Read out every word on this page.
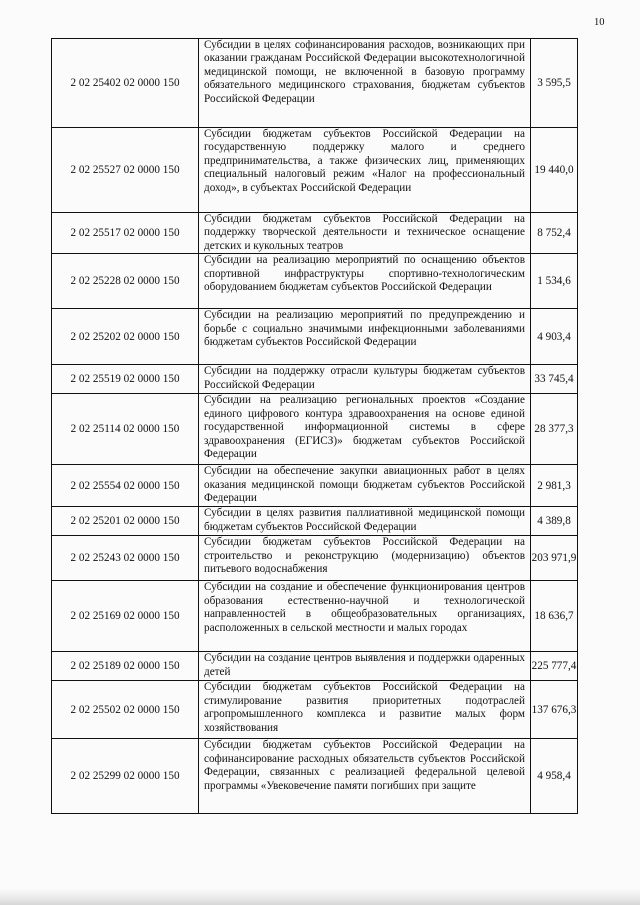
10
2 02 25402 02 0000 150	Субсидии в целях софинансирования расходов, возникающих при оказании гражданам Российской Федерации высокотехнологичной медицинской помощи, не включенной в базовую программу обязательного медицинского страхования, бюджетам субъектов Российской Федерации	3 595,5
2 02 25527 02 0000 150	Субсидии бюджетам субъектов Российской Федерации на государственную поддержку малого и среднего предпринимательства, а также физических лиц, применяющих специальный налоговый режим «Налог на профессиональный доход», в субъектах Российской Федерации	19 440,0
2 02 25517 02 0000 150	Субсидии бюджетам субъектов Российской Федерации на поддержку творческой деятельности и техническое оснащение детских и кукольных театров	8 752,4
2 02 25228 02 0000 150	Субсидии на реализацию мероприятий по оснащению объектов спортивной инфраструктуры спортивно-технологическим оборудованием бюджетам субъектов Российской Федерации	1 534,6
2 02 25202 02 0000 150	Субсидии на реализацию мероприятий по предупреждению и борьбе с социально значимыми инфекционными заболеваниями бюджетам субъектов Российской Федерации	4 903,4
2 02 25519 02 0000 150	Субсидии на поддержку отрасли культуры бюджетам субъектов Российской Федерации	33 745,4
2 02 25114 02 0000 150	Субсидии на реализацию региональных проектов «Создание единого цифрового контура здравоохранения на основе единой государственной информационной системы в сфере здравоохранения (ЕГИСЗ)» бюджетам субъектов Российской Федерации	28 377,3
2 02 25554 02 0000 150	Субсидии на обеспечение закупки авиационных работ в целях оказания медицинской помощи бюджетам субъектов Российской Федерации	2 981,3
2 02 25201 02 0000 150	Субсидии в целях развития паллиативной медицинской помощи бюджетам субъектов Российской Федерации	4 389,8
2 02 25243 02 0000 150	Субсидии бюджетам субъектов Российской Федерации на строительство и реконструкцию (модернизацию) объектов питьевого водоснабжения	203 971,9
2 02 25169 02 0000 150	Субсидии на создание и обеспечение функционирования центров образования естественно-научной и технологической направленностей в общеобразовательных организациях, расположенных в сельской местности и малых городах	18 636,7
2 02 25189 02 0000 150	Субсидии на создание центров выявления и поддержки одаренных детей	225 777,4
2 02 25502 02 0000 150	Субсидии бюджетам субъектов Российской Федерации на стимулирование развития приоритетных подотраслей агропромышленного комплекса и развитие малых форм хозяйствования	137 676,3
2 02 25299 02 0000 150	Субсидии бюджетам субъектов Российской Федерации на софинансирование расходных обязательств субъектов Российской Федерации, связанных с реализацией федеральной целевой программы «Увековечение памяти погибших при защите	4 958,4
